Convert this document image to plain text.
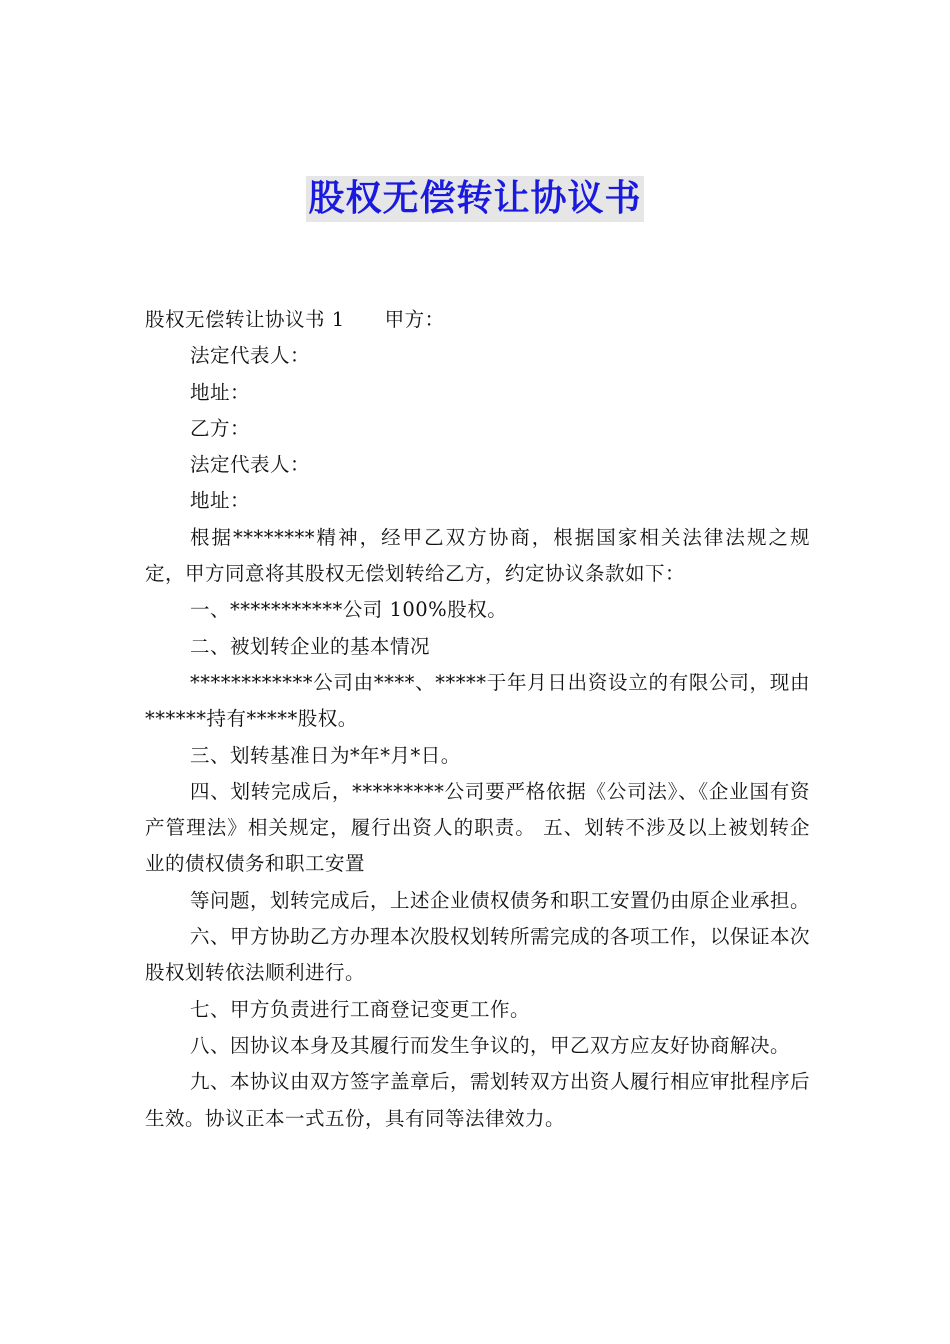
股权无偿转让协议书

股权无偿转让协议书 1 甲方：

法定代表人：

地址：

乙方：

法定代表人：

地址：

根据********精神，经甲乙双方协商，根据国家相关法律法规之规定，甲方同意将其股权无偿划转给乙方，约定协议条款如下：

一、***********公司 100%股权。

二、被划转企业的基本情况

************公司由****、*****于年月日出资设立的有限公司，现由******持有*****股权。

三、划转基准日为*年*月*日。

四、划转完成后，*********公司要严格依据《公司法》、《企业国有资产管理法》相关规定，履行出资人的职责。 五、划转不涉及以上被划转企业的债权债务和职工安置

等问题，划转完成后，上述企业债权债务和职工安置仍由原企业承担。

六、甲方协助乙方办理本次股权划转所需完成的各项工作，以保证本次股权划转依法顺利进行。

七、甲方负责进行工商登记变更工作。

八、因协议本身及其履行而发生争议的，甲乙双方应友好协商解决。

九、本协议由双方签字盖章后，需划转双方出资人履行相应审批程序后生效。协议正本一式五份，具有同等法律效力。
